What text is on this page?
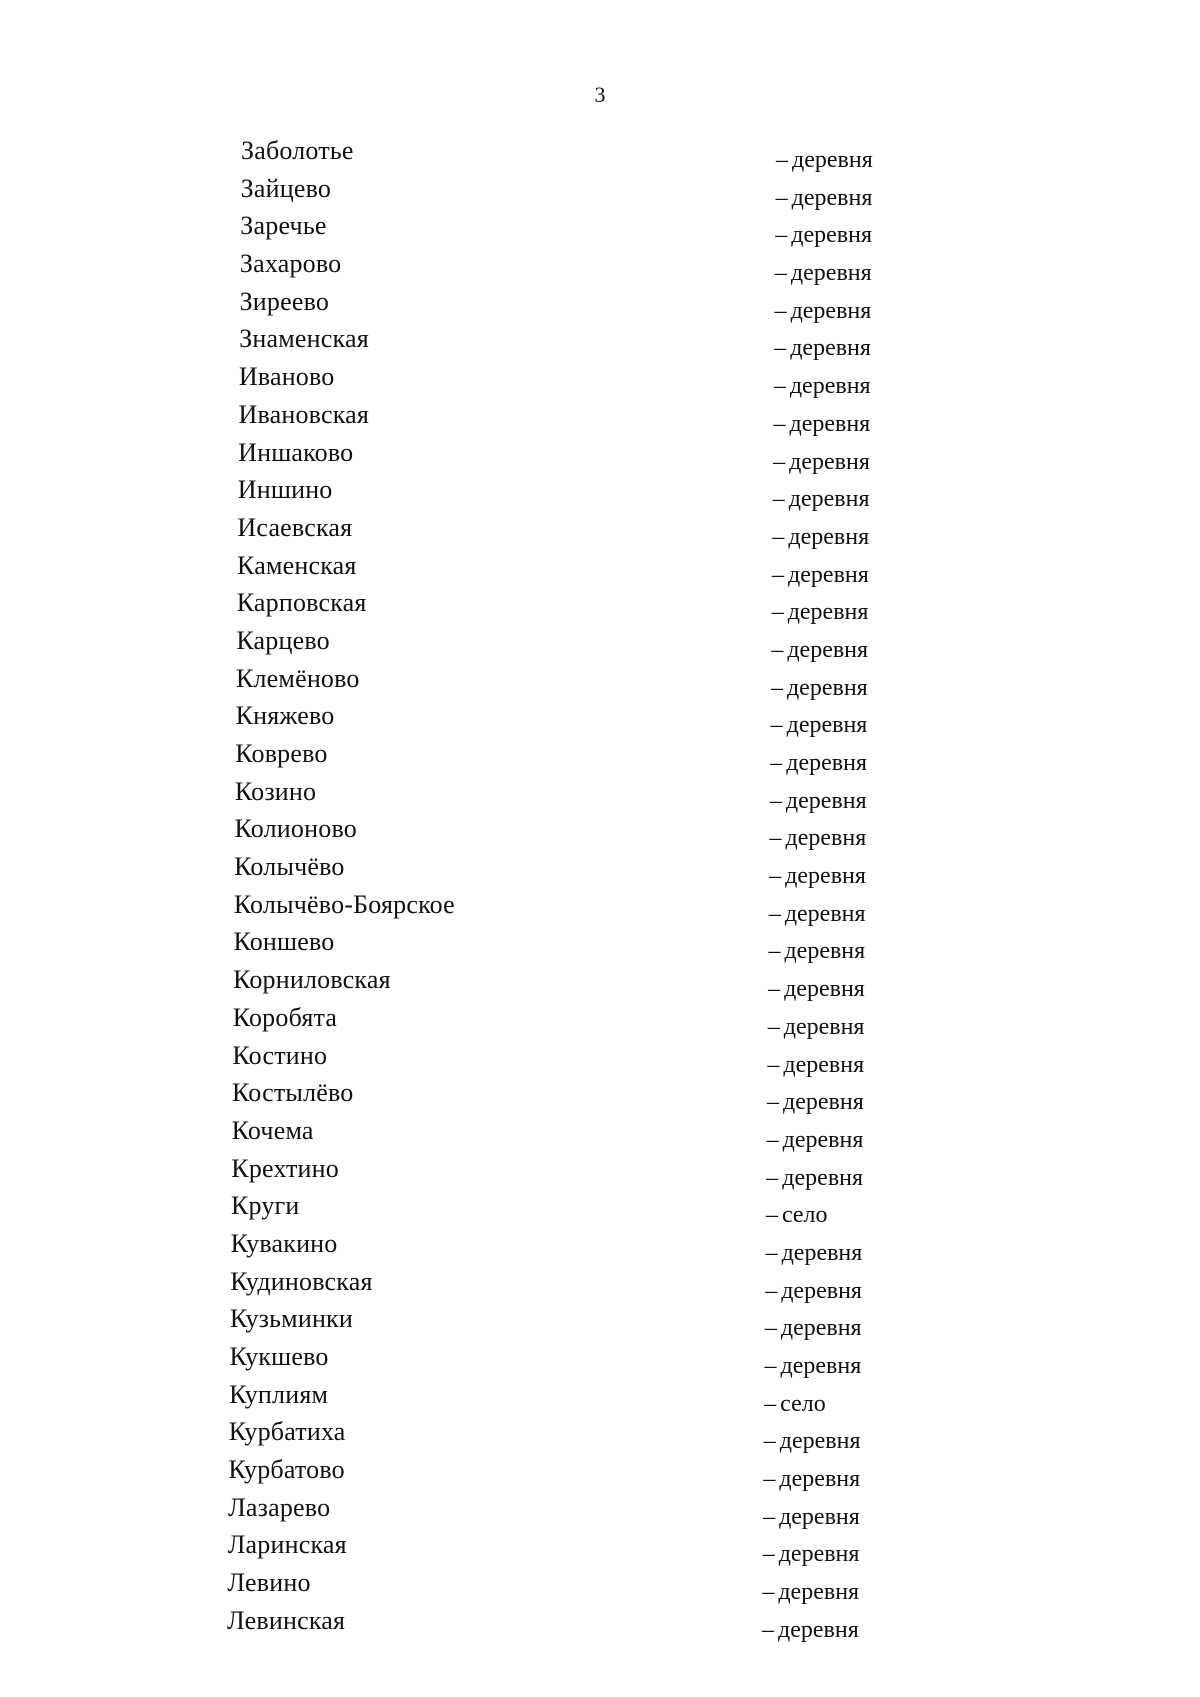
3
Заболотье	– деревня
Зайцево	– деревня
Заречье	– деревня
Захарово	– деревня
Зиреево	– деревня
Знаменская	– деревня
Иваново	– деревня
Ивановская	– деревня
Иншаково	– деревня
Иншино	– деревня
Исаевская	– деревня
Каменская	– деревня
Карповская	– деревня
Карцево	– деревня
Клемёново	– деревня
Княжево	– деревня
Коврево	– деревня
Козино	– деревня
Колионово	– деревня
Колычёво	– деревня
Колычёво-Боярское	– деревня
Коншево	– деревня
Корниловская	– деревня
Коробята	– деревня
Костино	– деревня
Костылёво	– деревня
Кочема	– деревня
Крехтино	– деревня
Круги	– село
Кувакино	– деревня
Кудиновская	– деревня
Кузьминки	– деревня
Кукшево	– деревня
Куплиям	– село
Курбатиха	– деревня
Курбатово	– деревня
Лазарево	– деревня
Ларинская	– деревня
Левино	– деревня
Левинская	– деревня
